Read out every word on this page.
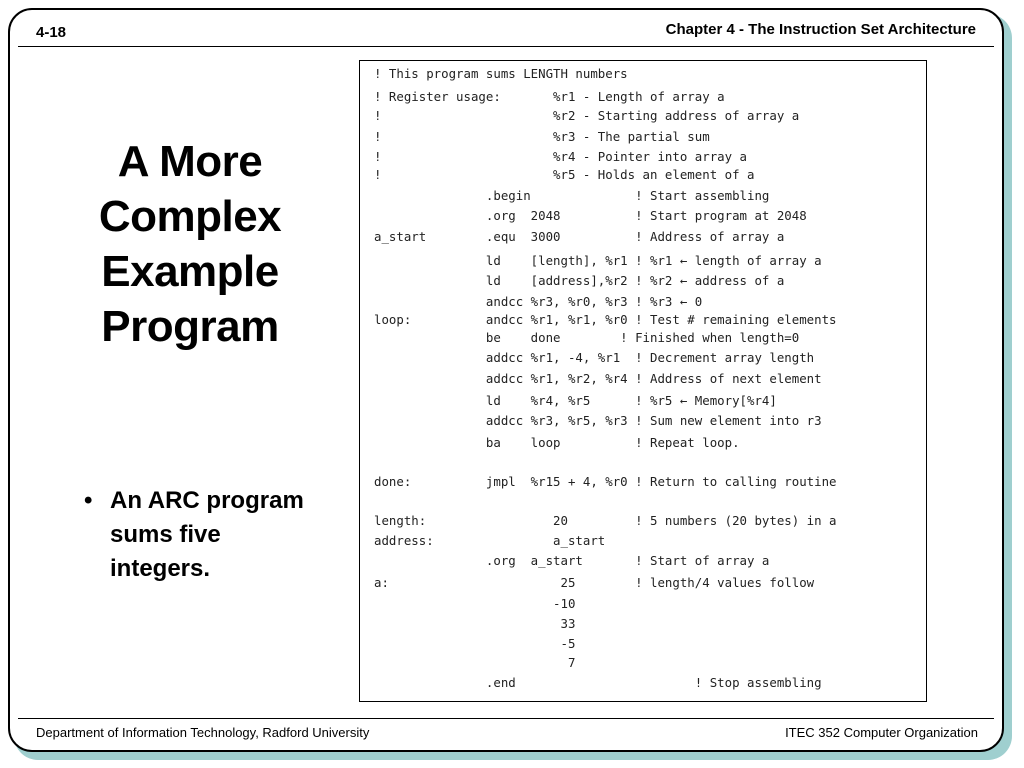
4-18	Chapter 4 - The Instruction Set Architecture
A More
Complex
Example
Program
• An ARC program sums five integers.
! This program sums LENGTH numbers
! Register usage:       %r1 - Length of array a
!                       %r2 - Starting address of array a
!                       %r3 - The partial sum
!                       %r4 - Pointer into array a
!                       %r5 - Holds an element of a
.begin              ! Start assembling
.org  2048          ! Start program at 2048
a_start        .equ  3000          ! Address of array a
ld    [length], %r1 ! %r1 ← length of array a
ld    [address],%r2 ! %r2 ← address of a
andcc %r3, %r0, %r3 ! %r3 ← 0
loop:          andcc %r1, %r1, %r0 ! Test # remaining elements
be    done        ! Finished when length=0
addcc %r1, -4, %r1  ! Decrement array length
addcc %r1, %r2, %r4 ! Address of next element
ld    %r4, %r5      ! %r5 ← Memory[%r4]
addcc %r3, %r5, %r3 ! Sum new element into r3
ba    loop          ! Repeat loop.
done:          jmpl  %r15 + 4, %r0 ! Return to calling routine
length:                 20         ! 5 numbers (20 bytes) in a
address:                a_start
.org  a_start       ! Start of array a
a:                       25        ! length/4 values follow
-10
33
-5
7
.end                        ! Stop assembling
Department of Information Technology, Radford University	ITEC 352 Computer Organization
